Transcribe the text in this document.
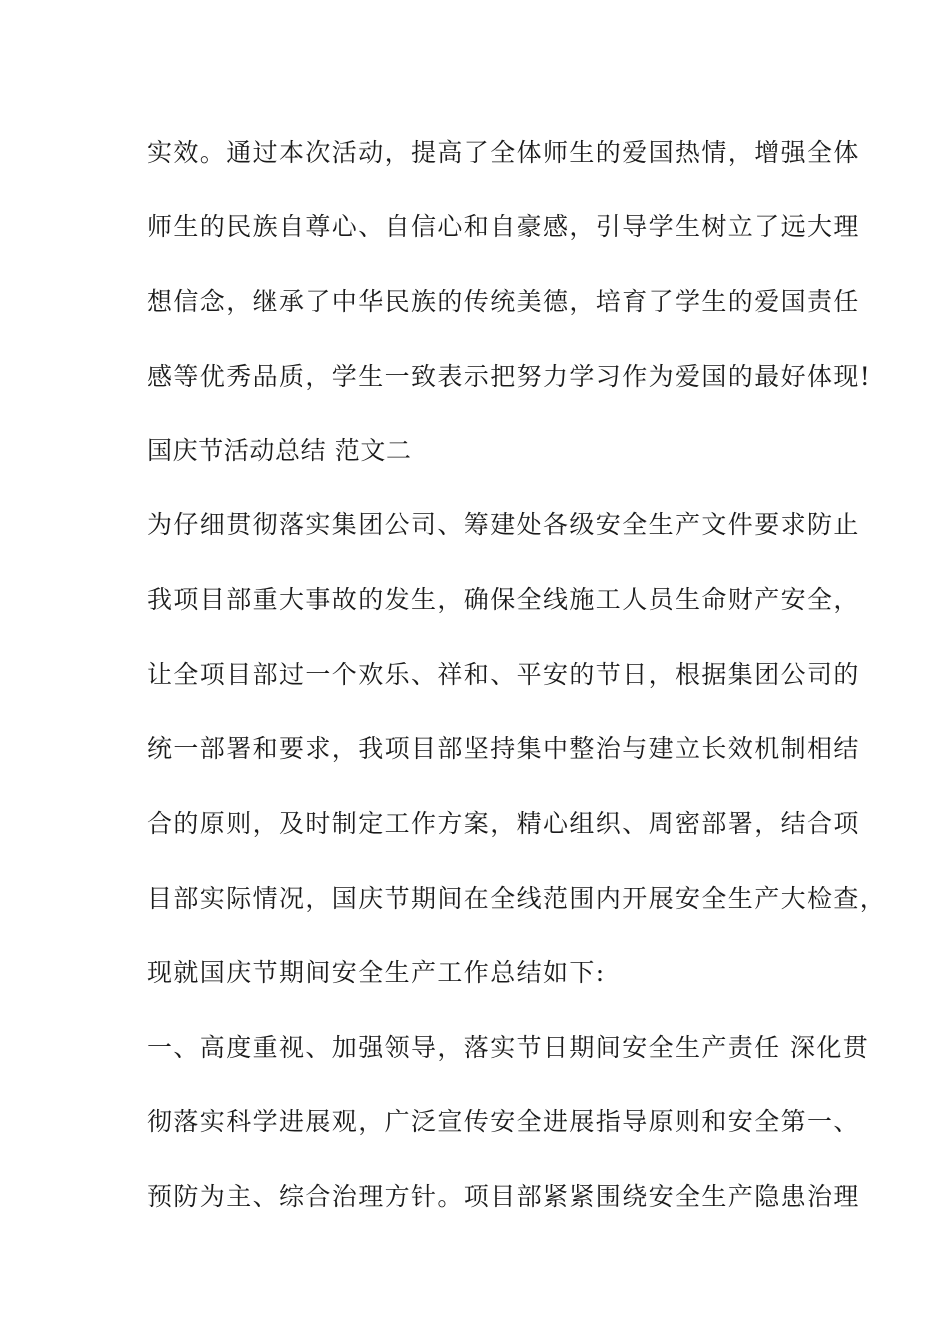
实效。通过本次活动，提高了全体师生的爱国热情，增强全体
师生的民族自尊心、自信心和自豪感，引导学生树立了远大理
想信念，继承了中华民族的传统美德，培育了学生的爱国责任
感等优秀品质，学生一致表示把努力学习作为爱国的最好体现!
国庆节活动总结 范文二
为仔细贯彻落实集团公司、筹建处各级安全生产文件要求防止
我项目部重大事故的发生，确保全线施工人员生命财产安全，
让全项目部过一个欢乐、祥和、平安的节日，根据集团公司的
统一部署和要求，我项目部坚持集中整治与建立长效机制相结
合的原则，及时制定工作方案，精心组织、周密部署，结合项
目部实际情况，国庆节期间在全线范围内开展安全生产大检查，
现就国庆节期间安全生产工作总结如下:
一、高度重视、加强领导，落实节日期间安全生产责任 深化贯
彻落实科学进展观，广泛宣传安全进展指导原则和安全第一、
预防为主、综合治理方针。项目部紧紧围绕安全生产隐患治理
